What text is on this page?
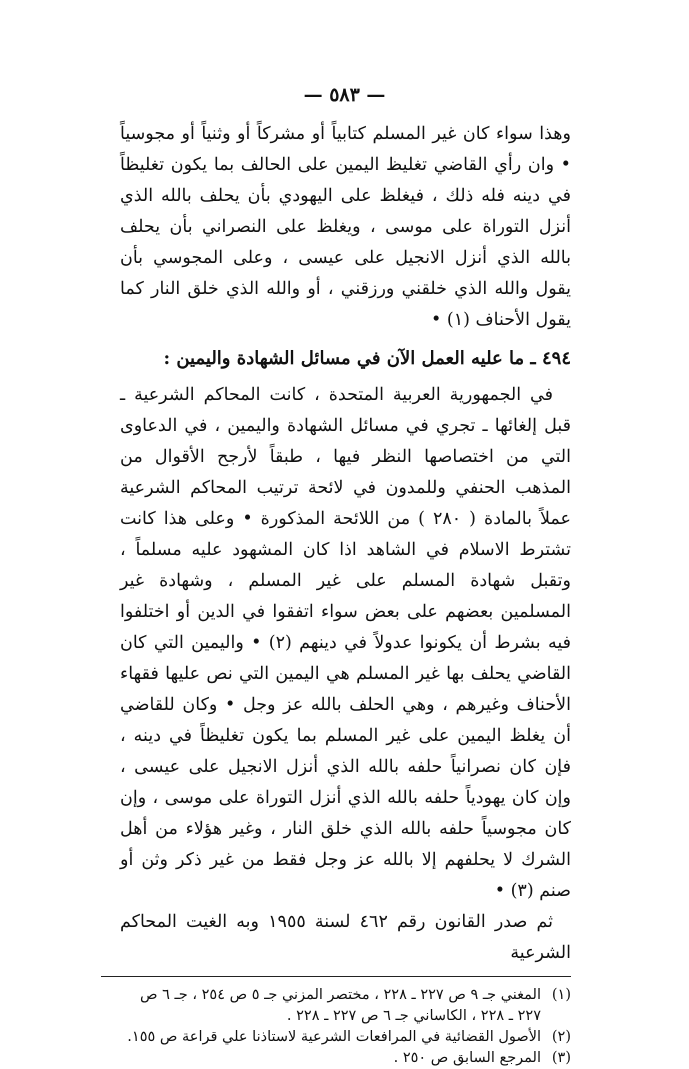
— ٥٨٣ —

وهذا سواء كان غير المسلم كتابياً أو مشركاً أو وثنياً أو مجوسياً • وان رأي القاضي تغليظ اليمين على الحالف بما يكون تغليظاً في دينه فله ذلك ، فيغلظ على اليهودي بأن يحلف بالله الذي أنزل التوراة على موسى ، ويغلظ على النصراني بأن يحلف بالله الذي أنزل الانجيل على عيسى ، وعلى المجوسي بأن يقول والله الذي خلقني ورزقني ، أو والله الذي خلق النار كما يقول الأحناف (١) •

٤٩٤ ـ ما عليه العمل الآن في مسائل الشهادة واليمين :

في الجمهورية العربية المتحدة ، كانت المحاكم الشرعية ـ قبل إلغائها ـ تجري في مسائل الشهادة واليمين ، في الدعاوى التي من اختصاصها النظر فيها ، طبقاً لأرجح الأقوال من المذهب الحنفي وللمدون في لائحة ترتيب المحاكم الشرعية عملاً بالمادة ( ٢٨٠ ) من اللائحة المذكورة • وعلى هذا كانت تشترط الاسلام في الشاهد اذا كان المشهود عليه مسلماً ، وتقبل شهادة المسلم على غير المسلم ، وشهادة غير المسلمين بعضهم على بعض سواء اتفقوا في الدين أو اختلفوا فيه بشرط أن يكونوا عدولاً في دينهم (٢) • واليمين التي كان القاضي يحلف بها غير المسلم هي اليمين التي نص عليها فقهاء الأحناف وغيرهم ، وهي الحلف بالله عز وجل • وكان للقاضي أن يغلظ اليمين على غير المسلم بما يكون تغليظاً في دينه ، فإن كان نصرانياً حلفه بالله الذي أنزل الانجيل على عيسى ، وإن كان يهودياً حلفه بالله الذي أنزل التوراة على موسى ، وإن كان مجوسياً حلفه بالله الذي خلق النار ، وغير هؤلاء من أهل الشرك لا يحلفهم إلا بالله عز وجل فقط من غير ذكر وثن أو صنم (٣) •

ثم صدر القانون رقم ٤٦٢ لسنة ١٩٥٥ وبه الغيت المحاكم الشرعية

(١)
المغني جـ ٩ ص ٢٢٧ ـ ٢٢٨ ، مختصر المزني جـ ٥ ص ٢٥٤ ، جـ ٦ ص ٢٢٧ ـ ٢٢٨ ، الكاساني جـ ٦ ص ٢٢٧ ـ ٢٢٨ .
(٢)
الأصول القضائية في المرافعات الشرعية لاستاذنا علي قراعة ص ١٥٥.
(٣)
المرجع السابق ص ٢٥٠ .
